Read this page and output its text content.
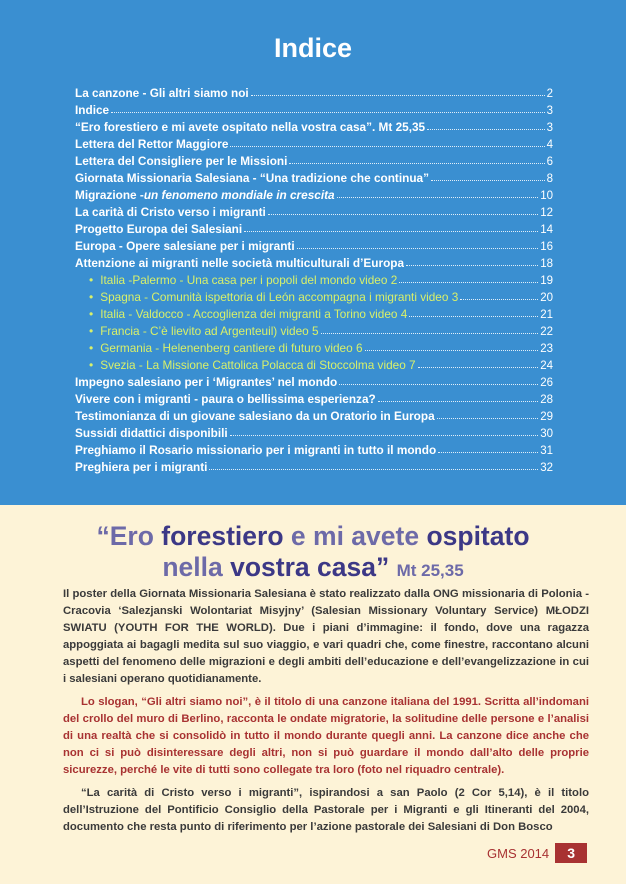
Indice
La canzone - Gli altri siamo noi	2
Indice	3
“Ero forestiero e mi avete ospitato nella vostra casa”. Mt 25,35	3
Lettera del Rettor Maggiore	4
Lettera del Consigliere per le Missioni	6
Giornata Missionaria Salesiana - “Una tradizione che continua”	8
Migrazione - un fenomeno mondiale in crescita	10
La carità di Cristo verso i migranti	12
Progetto Europa dei Salesiani	14
Europa - Opere salesiane per i migranti	16
Attenzione ai migranti nelle società multiculturali d’Europa	18
• Italia -Palermo - Una casa per i popoli del mondo video 2	19
• Spagna - Comunità ispettoria di León accompagna i migranti video 3	20
• Italia - Valdocco - Accoglienza dei migranti a Torino video 4	21
• Francia - C’è lievito ad Argenteuil) video 5	22
• Germania - Helenenberg cantiere di futuro video 6	23
• Svezia - La Missione Cattolica Polacca di Stoccolma video 7	24
Impegno salesiano per i ‘Migrantes’ nel mondo	26
Vivere con i migranti - paura o bellissima esperienza?	28
Testimonianza di un giovane salesiano da un Oratorio in Europa	29
Sussidi didattici disponibili	30
Preghiamo il Rosario missionario per i migranti in tutto il mondo	31
Preghiera per i migranti	32
“Ero forestiero e mi avete ospitato
nella vostra casa” Mt 25,35

Il poster della Giornata Missionaria Salesiana è stato realizzato dalla ONG missionaria di Polonia - Cracovia ‘Salezjanski Wolontariat Misyjny’ (Salesian Missionary Voluntary Service) MŁODZI SWIATU (YOUTH FOR THE WORLD). Due i piani d’immagine: il fondo, dove una ragazza appoggiata ai bagagli medita sul suo viaggio, e vari quadri che, come finestre, raccontano alcuni aspetti del fenomeno delle migrazioni e degli ambiti dell’educazione e dell’evangelizzazione in cui i salesiani operano quotidianamente.

Lo slogan, “Gli altri siamo noi”, è il titolo di una canzone italiana del 1991. Scritta all’indomani del crollo del muro di Berlino, racconta le ondate migratorie, la solitudine delle persone e l’analisi di una realtà che si consolidò in tutto il mondo durante quegli anni. La canzone dice anche che non ci si può disinteressare degli altri, non si può guardare il mondo dall’alto delle proprie sicurezze, perché le vite di tutti sono collegate tra loro (foto nel riquadro centrale).

“La carità di Cristo verso i migranti”, ispirandosi a san Paolo (2 Cor 5,14), è il titolo dell’Istruzione del Pontificio Consiglio della Pastorale per i Migranti e gli Itineranti del 2004, documento che resta punto di riferimento per l’azione pastorale dei Salesiani di Don Bosco

GMS 2014	3
